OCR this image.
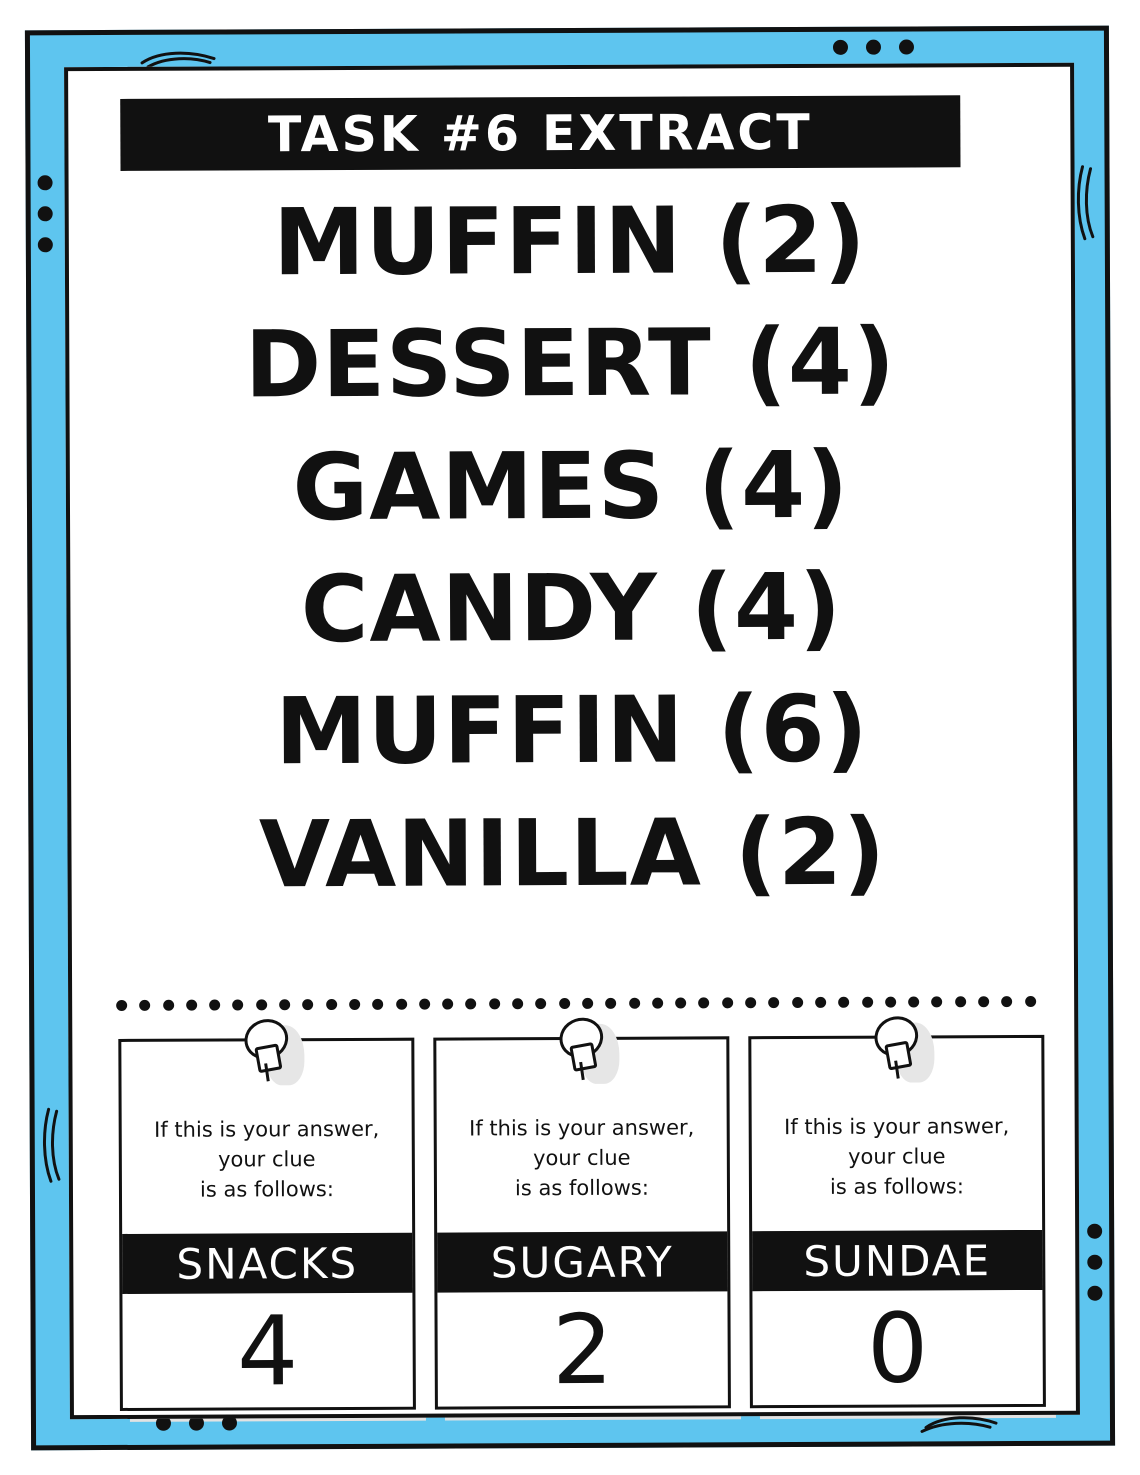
TASK #6 EXTRACT
MUFFIN (2)
DESSERT (4)
GAMES (4)
CANDY (4)
MUFFIN (6)
VANILLA (2)
If this is your answer,
your clue
is as follows:
SNACKS
4
If this is your answer,
your clue
is as follows:
SUGARY
2
If this is your answer,
your clue
is as follows:
SUNDAE
0
